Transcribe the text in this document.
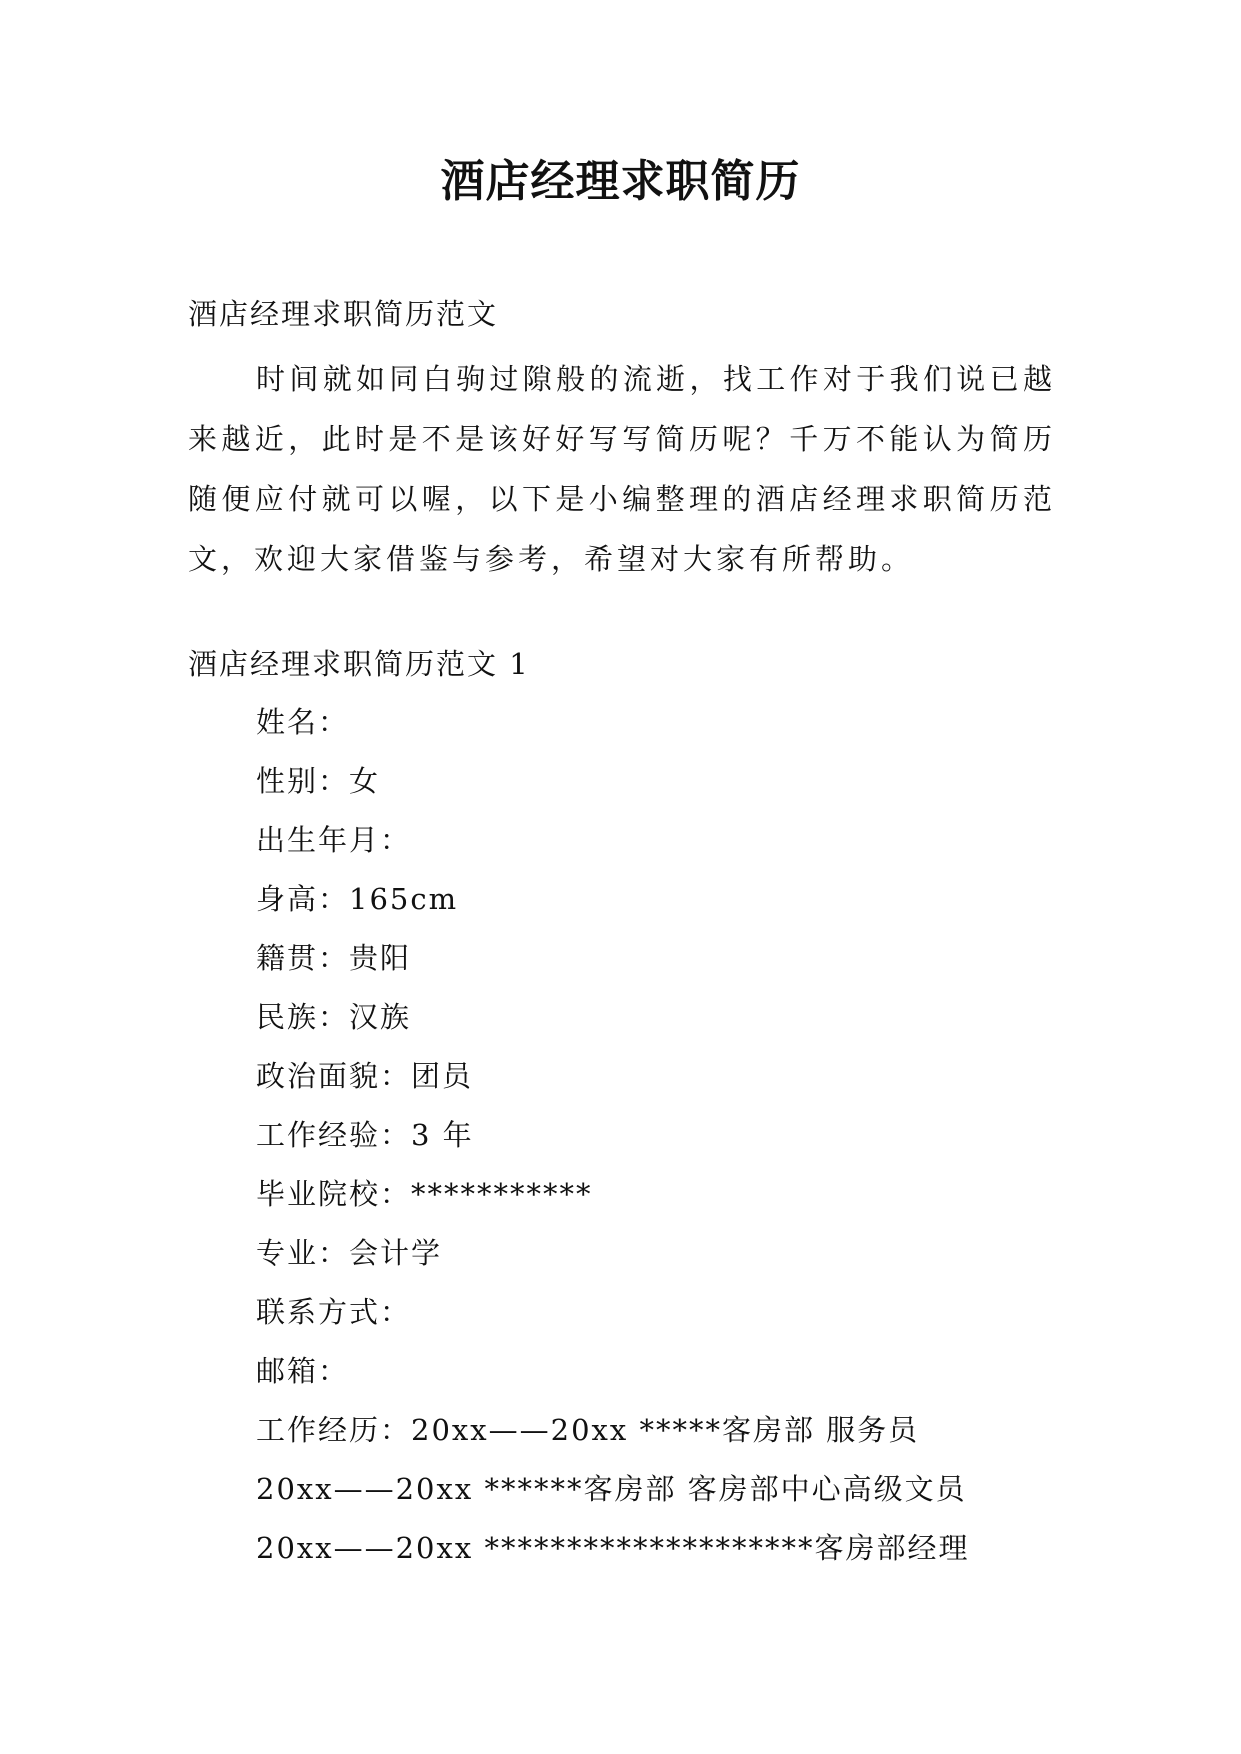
酒店经理求职简历
酒店经理求职简历范文

时间就如同白驹过隙般的流逝，找工作对于我们说已越来越近，此时是不是该好好写写简历呢？千万不能认为简历随便应付就可以喔，以下是小编整理的酒店经理求职简历范文，欢迎大家借鉴与参考，希望对大家有所帮助。

酒店经理求职简历范文 1
姓名：
性别：女
出生年月：
身高：165cm
籍贯：贵阳
民族：汉族
政治面貌：团员
工作经验：3 年
毕业院校：***********
专业：会计学
联系方式：
邮箱：
工作经历：20xx——20xx *****客房部 服务员
20xx——20xx ******客房部 客房部中心高级文员
20xx——20xx ********************客房部经理
